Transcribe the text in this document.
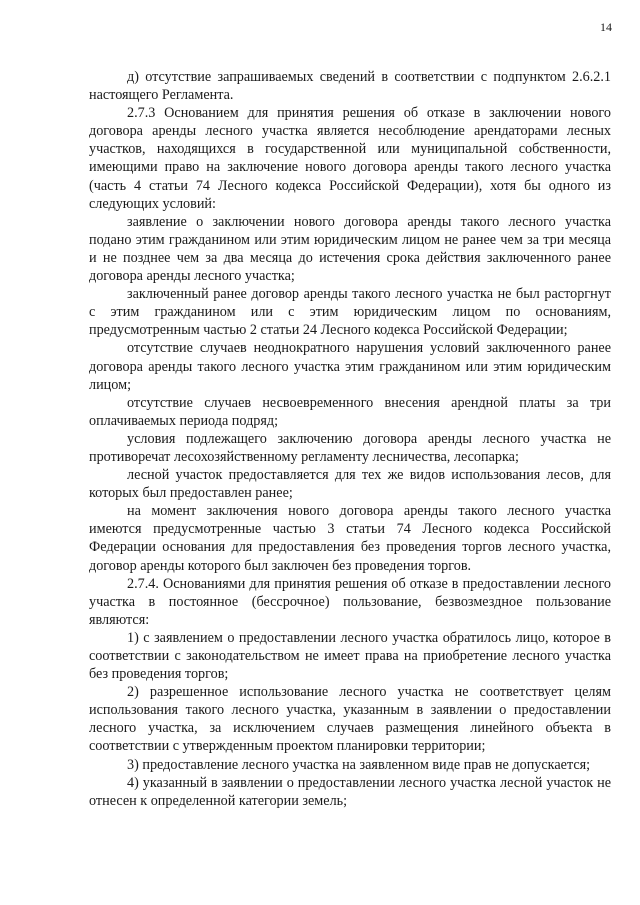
14

д) отсутствие запрашиваемых сведений в соответствии с подпунктом 2.6.2.1 настоящего Регламента.

2.7.3 Основанием для принятия решения об отказе в заключении нового договора аренды лесного участка является несоблюдение арендаторами лесных участков, находящихся в государственной или муниципальной собственности, имеющими право на заключение нового договора аренды такого лесного участка (часть 4 статьи 74 Лесного кодекса Российской Федерации), хотя бы одного из следующих условий:

заявление о заключении нового договора аренды такого лесного участка подано этим гражданином или этим юридическим лицом не ранее чем за три месяца и не позднее чем за два месяца до истечения срока действия заключенного ранее договора аренды лесного участка;

заключенный ранее договор аренды такого лесного участка не был расторгнут с этим гражданином или с этим юридическим лицом по основаниям, предусмотренным частью 2 статьи 24 Лесного кодекса Российской Федерации;

отсутствие случаев неоднократного нарушения условий заключенного ранее договора аренды такого лесного участка этим гражданином или этим юридическим лицом;

отсутствие случаев несвоевременного внесения арендной платы за три оплачиваемых периода подряд;

условия подлежащего заключению договора аренды лесного участка не противоречат лесохозяйственному регламенту лесничества, лесопарка;

лесной участок предоставляется для тех же видов использования лесов, для которых был предоставлен ранее;

на момент заключения нового договора аренды такого лесного участка имеются предусмотренные частью 3 статьи 74 Лесного кодекса Российской Федерации основания для предоставления без проведения торгов лесного участка, договор аренды которого был заключен без проведения торгов.

2.7.4. Основаниями для принятия решения об отказе в предоставлении лесного участка в постоянное (бессрочное) пользование, безвозмездное пользование являются:

1) с заявлением о предоставлении лесного участка обратилось лицо, которое в соответствии с законодательством не имеет права на приобретение лесного участка без проведения торгов;

2) разрешенное использование лесного участка не соответствует целям использования такого лесного участка, указанным в заявлении о предоставлении лесного участка, за исключением случаев размещения линейного объекта в соответствии с утвержденным проектом планировки территории;

3) предоставление лесного участка на заявленном виде прав не допускается;

4) указанный в заявлении о предоставлении лесного участка лесной участок не отнесен к определенной категории земель;
